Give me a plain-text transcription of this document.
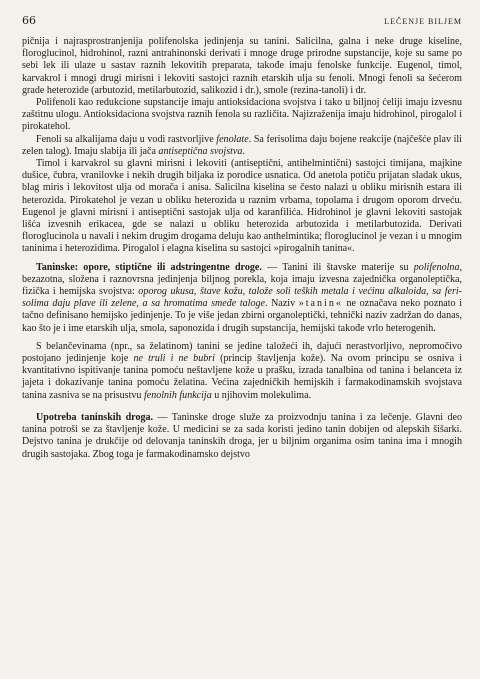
66	LEČENJE BILJEM

pičnija i najrasprostranjenija polifenolska jedinjenja su tanini. Salicilna, galna i neke druge kiseline, floroglucinol, hidrohinol, razni antrahinonski derivati i mnoge druge prirodne supstancije, koje su same po sebi lek ili ulaze u sastav raznih lekovitih preparata, takođe imaju fenolske funkcije. Eugenol, timol, karvakrol i mnogi drugi mirisni i lekoviti sastojci raznih etarskih ulja su fenoli. Mnogi fenoli sa šećerom grade heterozide (arbutozid, metilarbutozid, salikozid i dr.), smole (rezina-tanoli) i dr.

Polifenoli kao redukcione supstancije imaju antioksidaciona svojstva i tako u biljnoj ćeliji imaju izvesnu zaštitnu ulogu. Antioksidaciona svojstva raznih fenola su različita. Najizraženija imaju hidrohinol, pirogalol i pirokatehol.

Fenoli sa alkalijama daju u vodi rastvorljive fenolate. Sa ferisolima daju bojene reakcije (najčešće plav ili zelen talog). Imaju slabija ili jača antiseptična svojstva.

Timol i karvakrol su glavni mirisni i lekoviti (antiseptični, antihelmintični) sastojci timijana, majkine dušice, čubra, vranilovke i nekih drugih biljaka iz porodice usnatica. Od anetola potiču prijatan sladak ukus, blag miris i lekovitost ulja od morača i anisa. Salicilna kiselina se često nalazi u obliku mirisnih estara ili heterozida. Pirokatehol je vezan u obliku heterozida u raznim vrbama, topolama i drugom oporom drveću. Eugenol je glavni mirisni i antiseptični sastojak ulja od karanfilića. Hidrohinol je glavni lekoviti sastojak lišća izvesnih erikacea, gde se nalazi u obliku heterozida arbutozida i metilarbutozida. Derivati floroglucinola u navali i nekim drugim drogama deluju kao anthelmintika; floroglucinol je vezan i u mnogim taninima i heterozidima. Pirogalol i elagna kiselina su sastojci »pirogalnih tanina«.

Taninske: opore, stiptične ili adstringentne droge. — Tanini ili štavske materije su polifenolna, bezazotna, složena i raznovrsna jedinjenja biljnog porekla, koja imaju izvesna zajednička organoleptička, fizička i hemijska svojstva: oporog ukusa, štave kožu, talože soli teških metala i većinu alkaloida, sa feri-solima daju plave ili zelene, a sa hromatima smeđe taloge. Naziv »tanin« ne označava neko poznato i tačno definisano hemijsko jedinjenje. To je više jedan zbirni organoleptički, tehnički naziv zadržan do danas, kao što je i ime etarskih ulja, smola, saponozida i drugih supstancija, hemijski takođe vrlo heterogenih.

S belančevinama (npr., sa želatinom) tanini se jedine taložeći ih, dajući nerastvorljivo, nepromočivo postojano jedinjenje koje ne truli i ne bubri (princip štavljenja kože). Na ovom principu se osniva i kvantitativno ispitivanje tanina pomoću neštavljene kože u prašku, izrada tanalbina od tanina i belanceta iz jajeta i dokazivanje tanina pomoću želatina. Većina zajedničkih hemijskih i farmakodinamskih svojstava tanina zasniva se na prisustvu fenolnih funkcija u njihovim molekulima.

Upotreba taninskih droga. — Taninske droge služe za proizvodnju tanina i za lečenje. Glavni deo tanina potroši se za štavljenje kože. U medicini se za sada koristi jedino tanin dobijen od alepskih šišarki. Dejstvo tanina je drukčije od delovanja taninskih droga, jer u biljnim organima osim tanina ima i mnogih drugih sastojaka. Zbog toga je farmakodinamsko dejstvo
